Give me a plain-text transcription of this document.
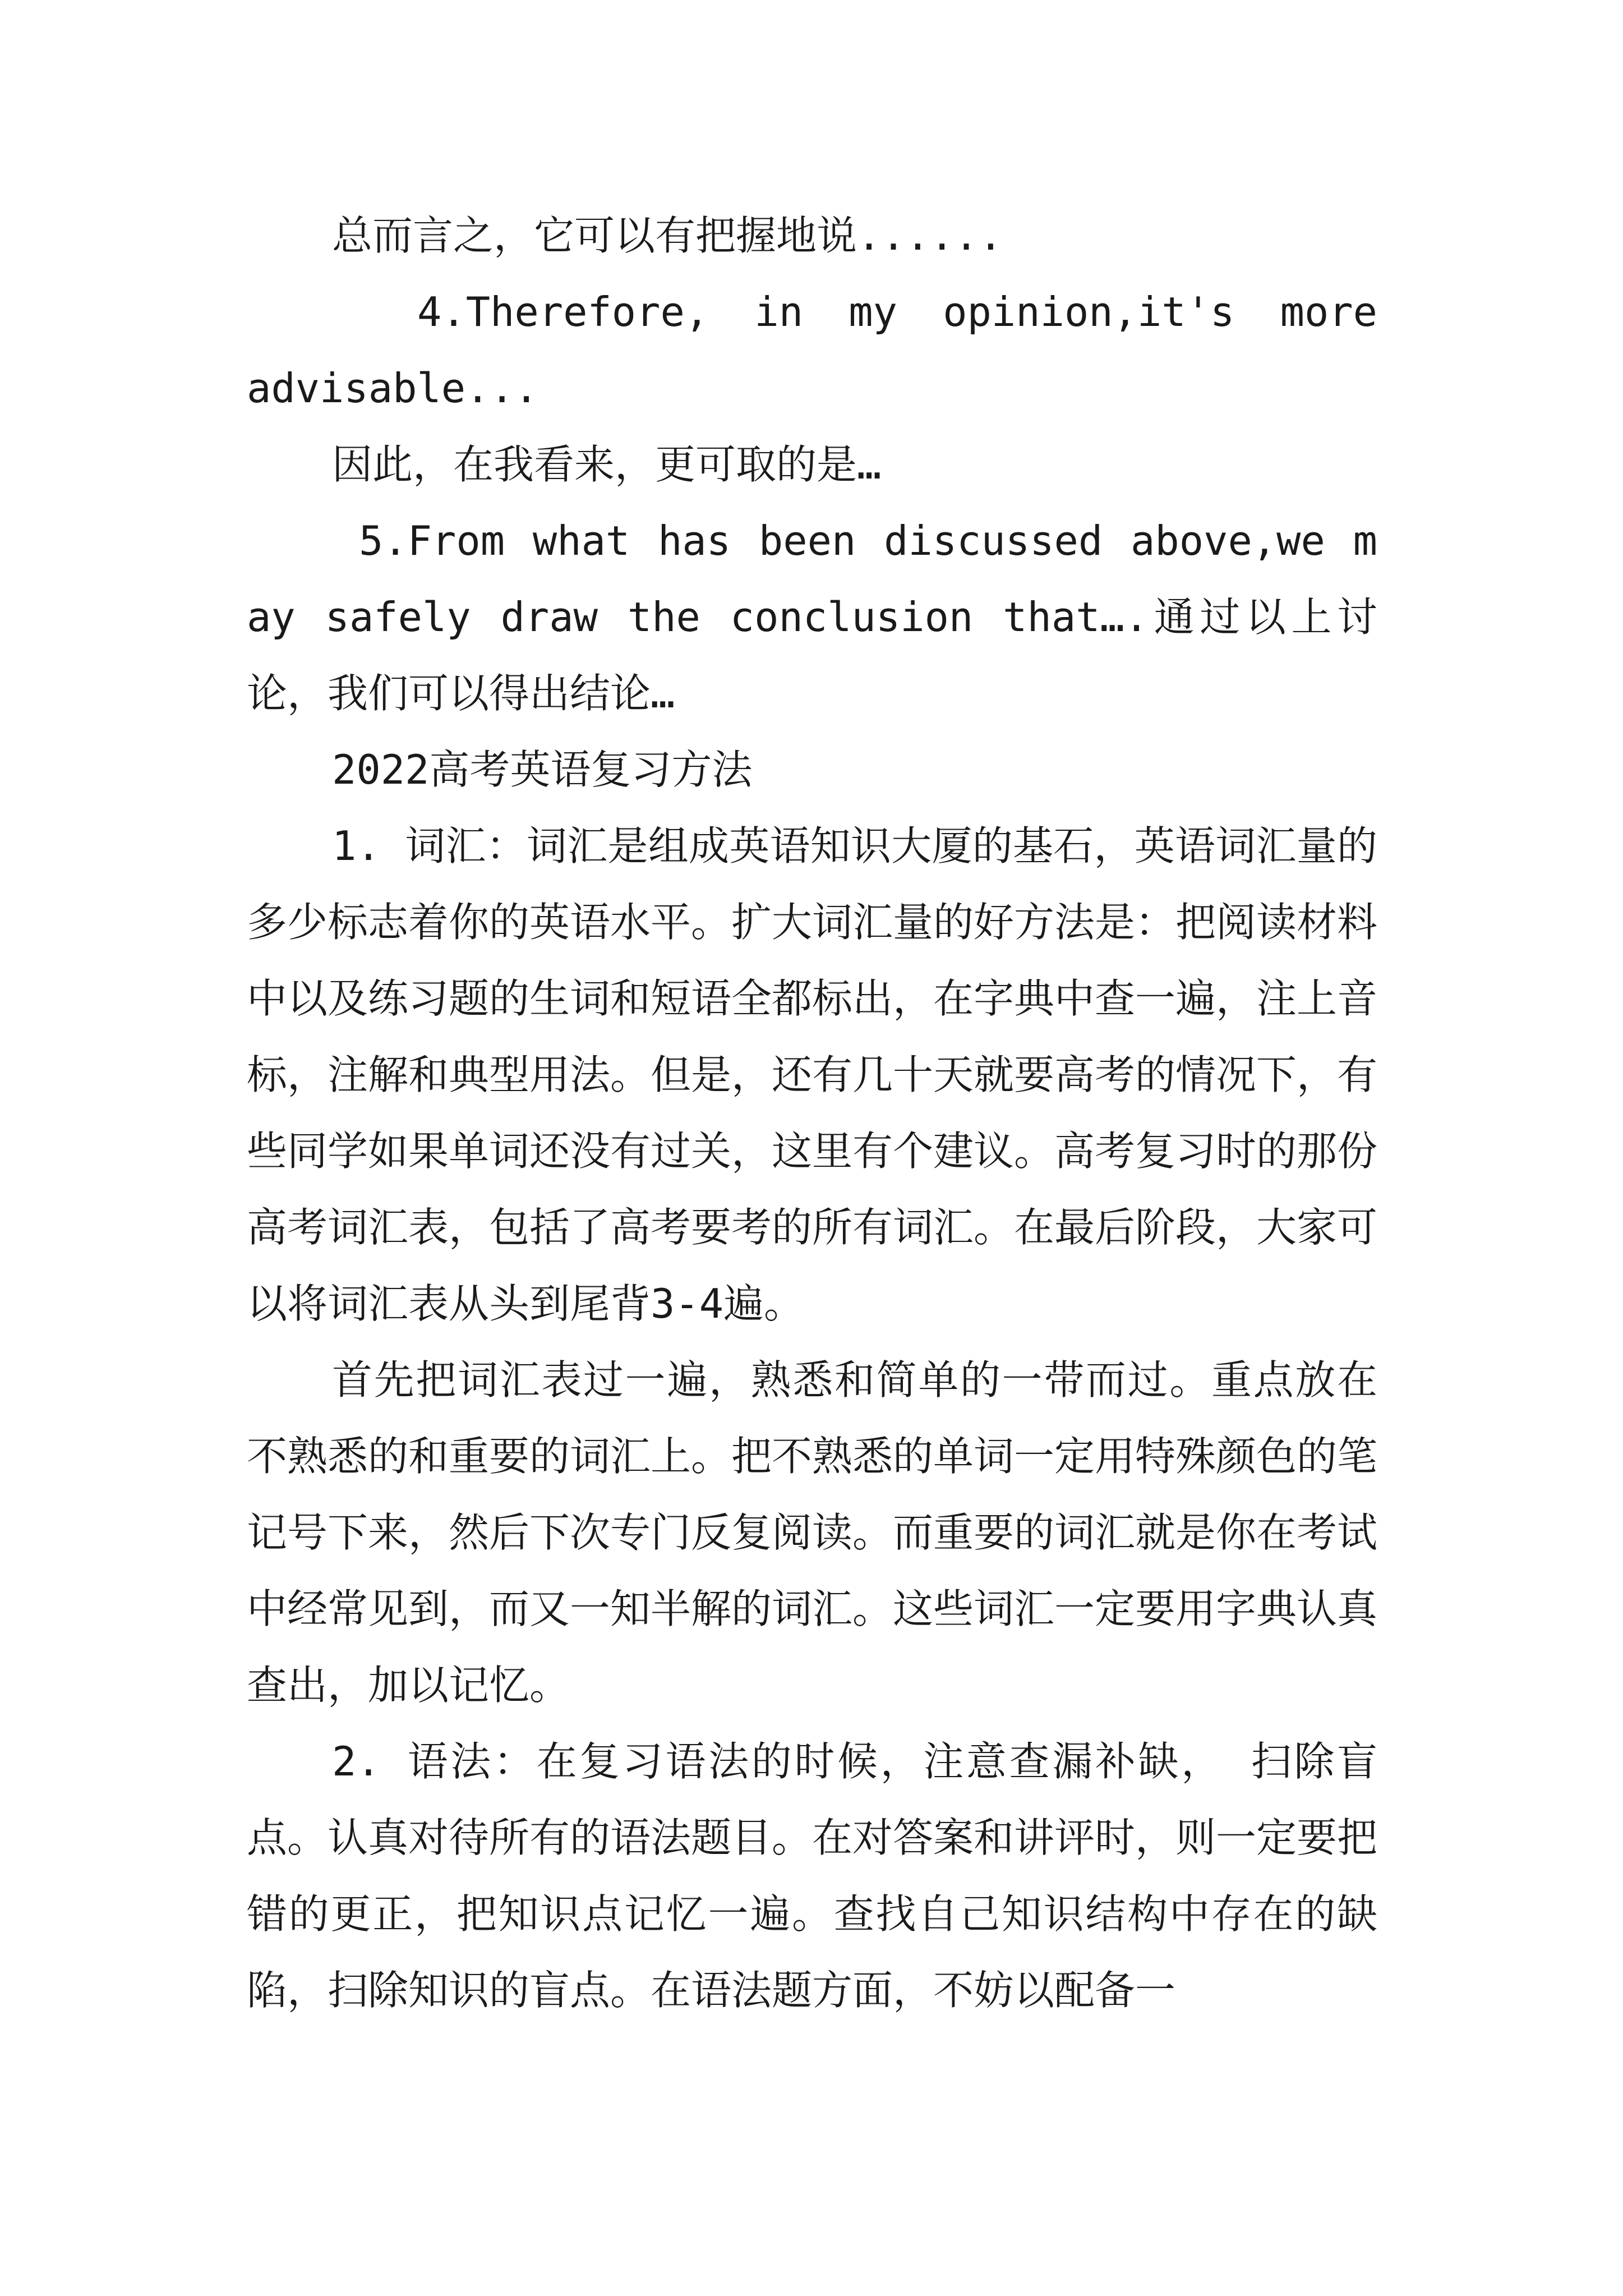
总而言之，它可以有把握地说......

4.Therefore,　in　my　opinion,it's　more advisable...

因此，在我看来，更可取的是…

5.From what has been discussed above,we may safely draw the conclusion that….通过以上讨论，我们可以得出结论…

2022高考英语复习方法

1. 词汇：词汇是组成英语知识大厦的基石，英语词汇量的多少标志着你的英语水平。扩大词汇量的好方法是：把阅读材料中以及练习题的生词和短语全都标出，在字典中查一遍，注上音标，注解和典型用法。但是，还有几十天就要高考的情况下，有些同学如果单词还没有过关，这里有个建议。高考复习时的那份高考词汇表，包括了高考要考的所有词汇。在最后阶段，大家可以将词汇表从头到尾背3-4遍。

首先把词汇表过一遍，熟悉和简单的一带而过。重点放在不熟悉的和重要的词汇上。把不熟悉的单词一定用特殊颜色的笔记号下来，然后下次专门反复阅读。而重要的词汇就是你在考试中经常见到，而又一知半解的词汇。这些词汇一定要用字典认真查出，加以记忆。

2. 语法：在复习语法的时候，注意查漏补缺， 扫除盲点。认真对待所有的语法题目。在对答案和讲评时，则一定要把错的更正，把知识点记忆一遍。查找自己知识结构中存在的缺陷，扫除知识的盲点。在语法题方面，不妨以配备一
